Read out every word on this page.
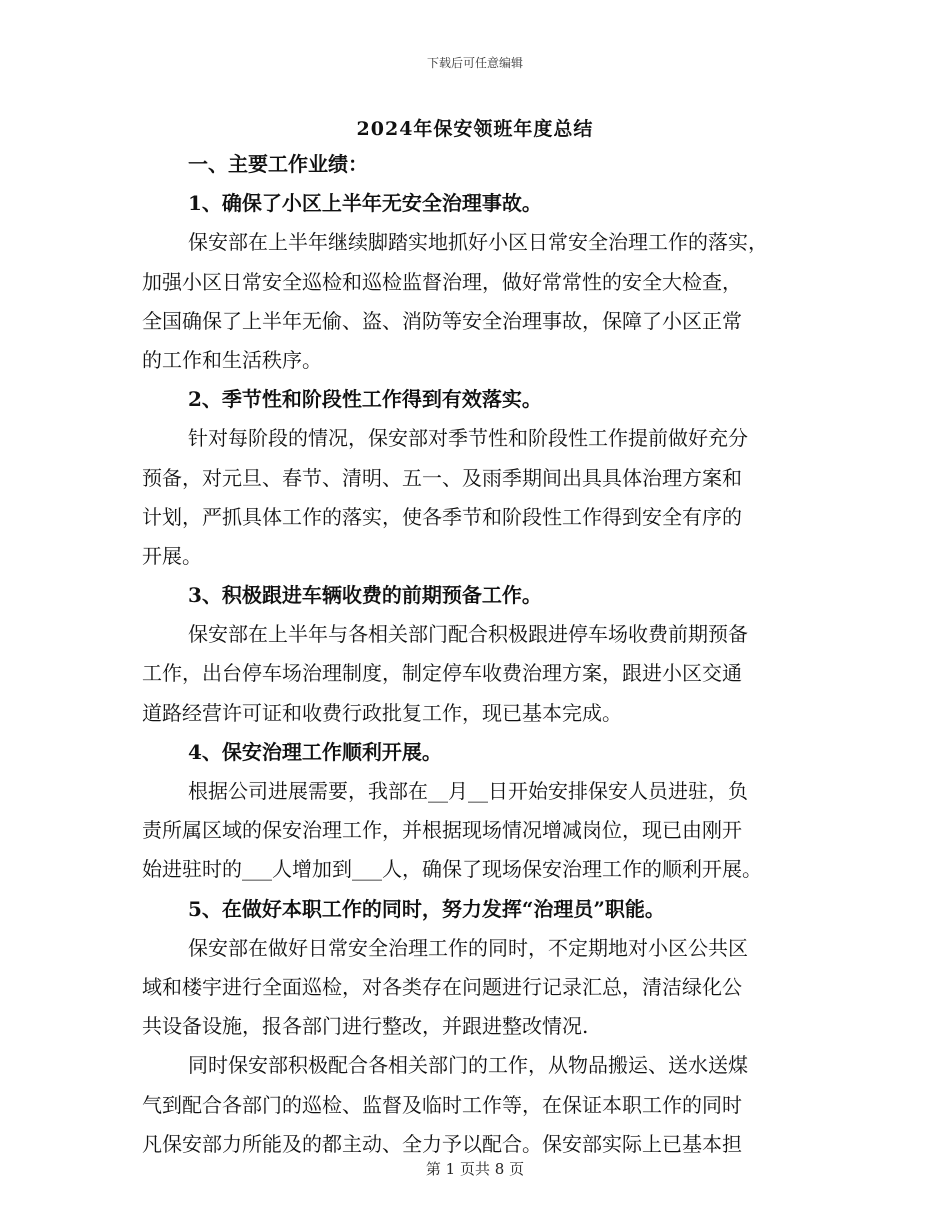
下载后可任意编辑
2024年保安领班年度总结
一、主要工作业绩：
1、确保了小区上半年无安全治理事故。
保安部在上半年继续脚踏实地抓好小区日常安全治理工作的落实，
加强小区日常安全巡检和巡检监督治理，做好常常性的安全大检查，
全国确保了上半年无偷、盗、消防等安全治理事故，保障了小区正常
的工作和生活秩序。
2、季节性和阶段性工作得到有效落实。
针对每阶段的情况，保安部对季节性和阶段性工作提前做好充分
预备，对元旦、春节、清明、五一、及雨季期间出具具体治理方案和
计划，严抓具体工作的落实，使各季节和阶段性工作得到安全有序的
开展。
3、积极跟进车辆收费的前期预备工作。
保安部在上半年与各相关部门配合积极跟进停车场收费前期预备
工作，出台停车场治理制度，制定停车收费治理方案，跟进小区交通
道路经营许可证和收费行政批复工作，现已基本完成。
4、保安治理工作顺利开展。
根据公司进展需要，我部在__月__日开始安排保安人员进驻，负
责所属区域的保安治理工作，并根据现场情况增减岗位，现已由刚开
始进驻时的___人增加到___人，确保了现场保安治理工作的顺利开展。
5、在做好本职工作的同时，努力发挥“治理员”职能。
保安部在做好日常安全治理工作的同时，不定期地对小区公共区
域和楼宇进行全面巡检，对各类存在问题进行记录汇总，清洁绿化公
共设备设施，报各部门进行整改，并跟进整改情况.
同时保安部积极配合各相关部门的工作，从物品搬运、送水送煤
气到配合各部门的巡检、监督及临时工作等，在保证本职工作的同时
凡保安部力所能及的都主动、全力予以配合。保安部实际上已基本担
第 1 页共 8 页
